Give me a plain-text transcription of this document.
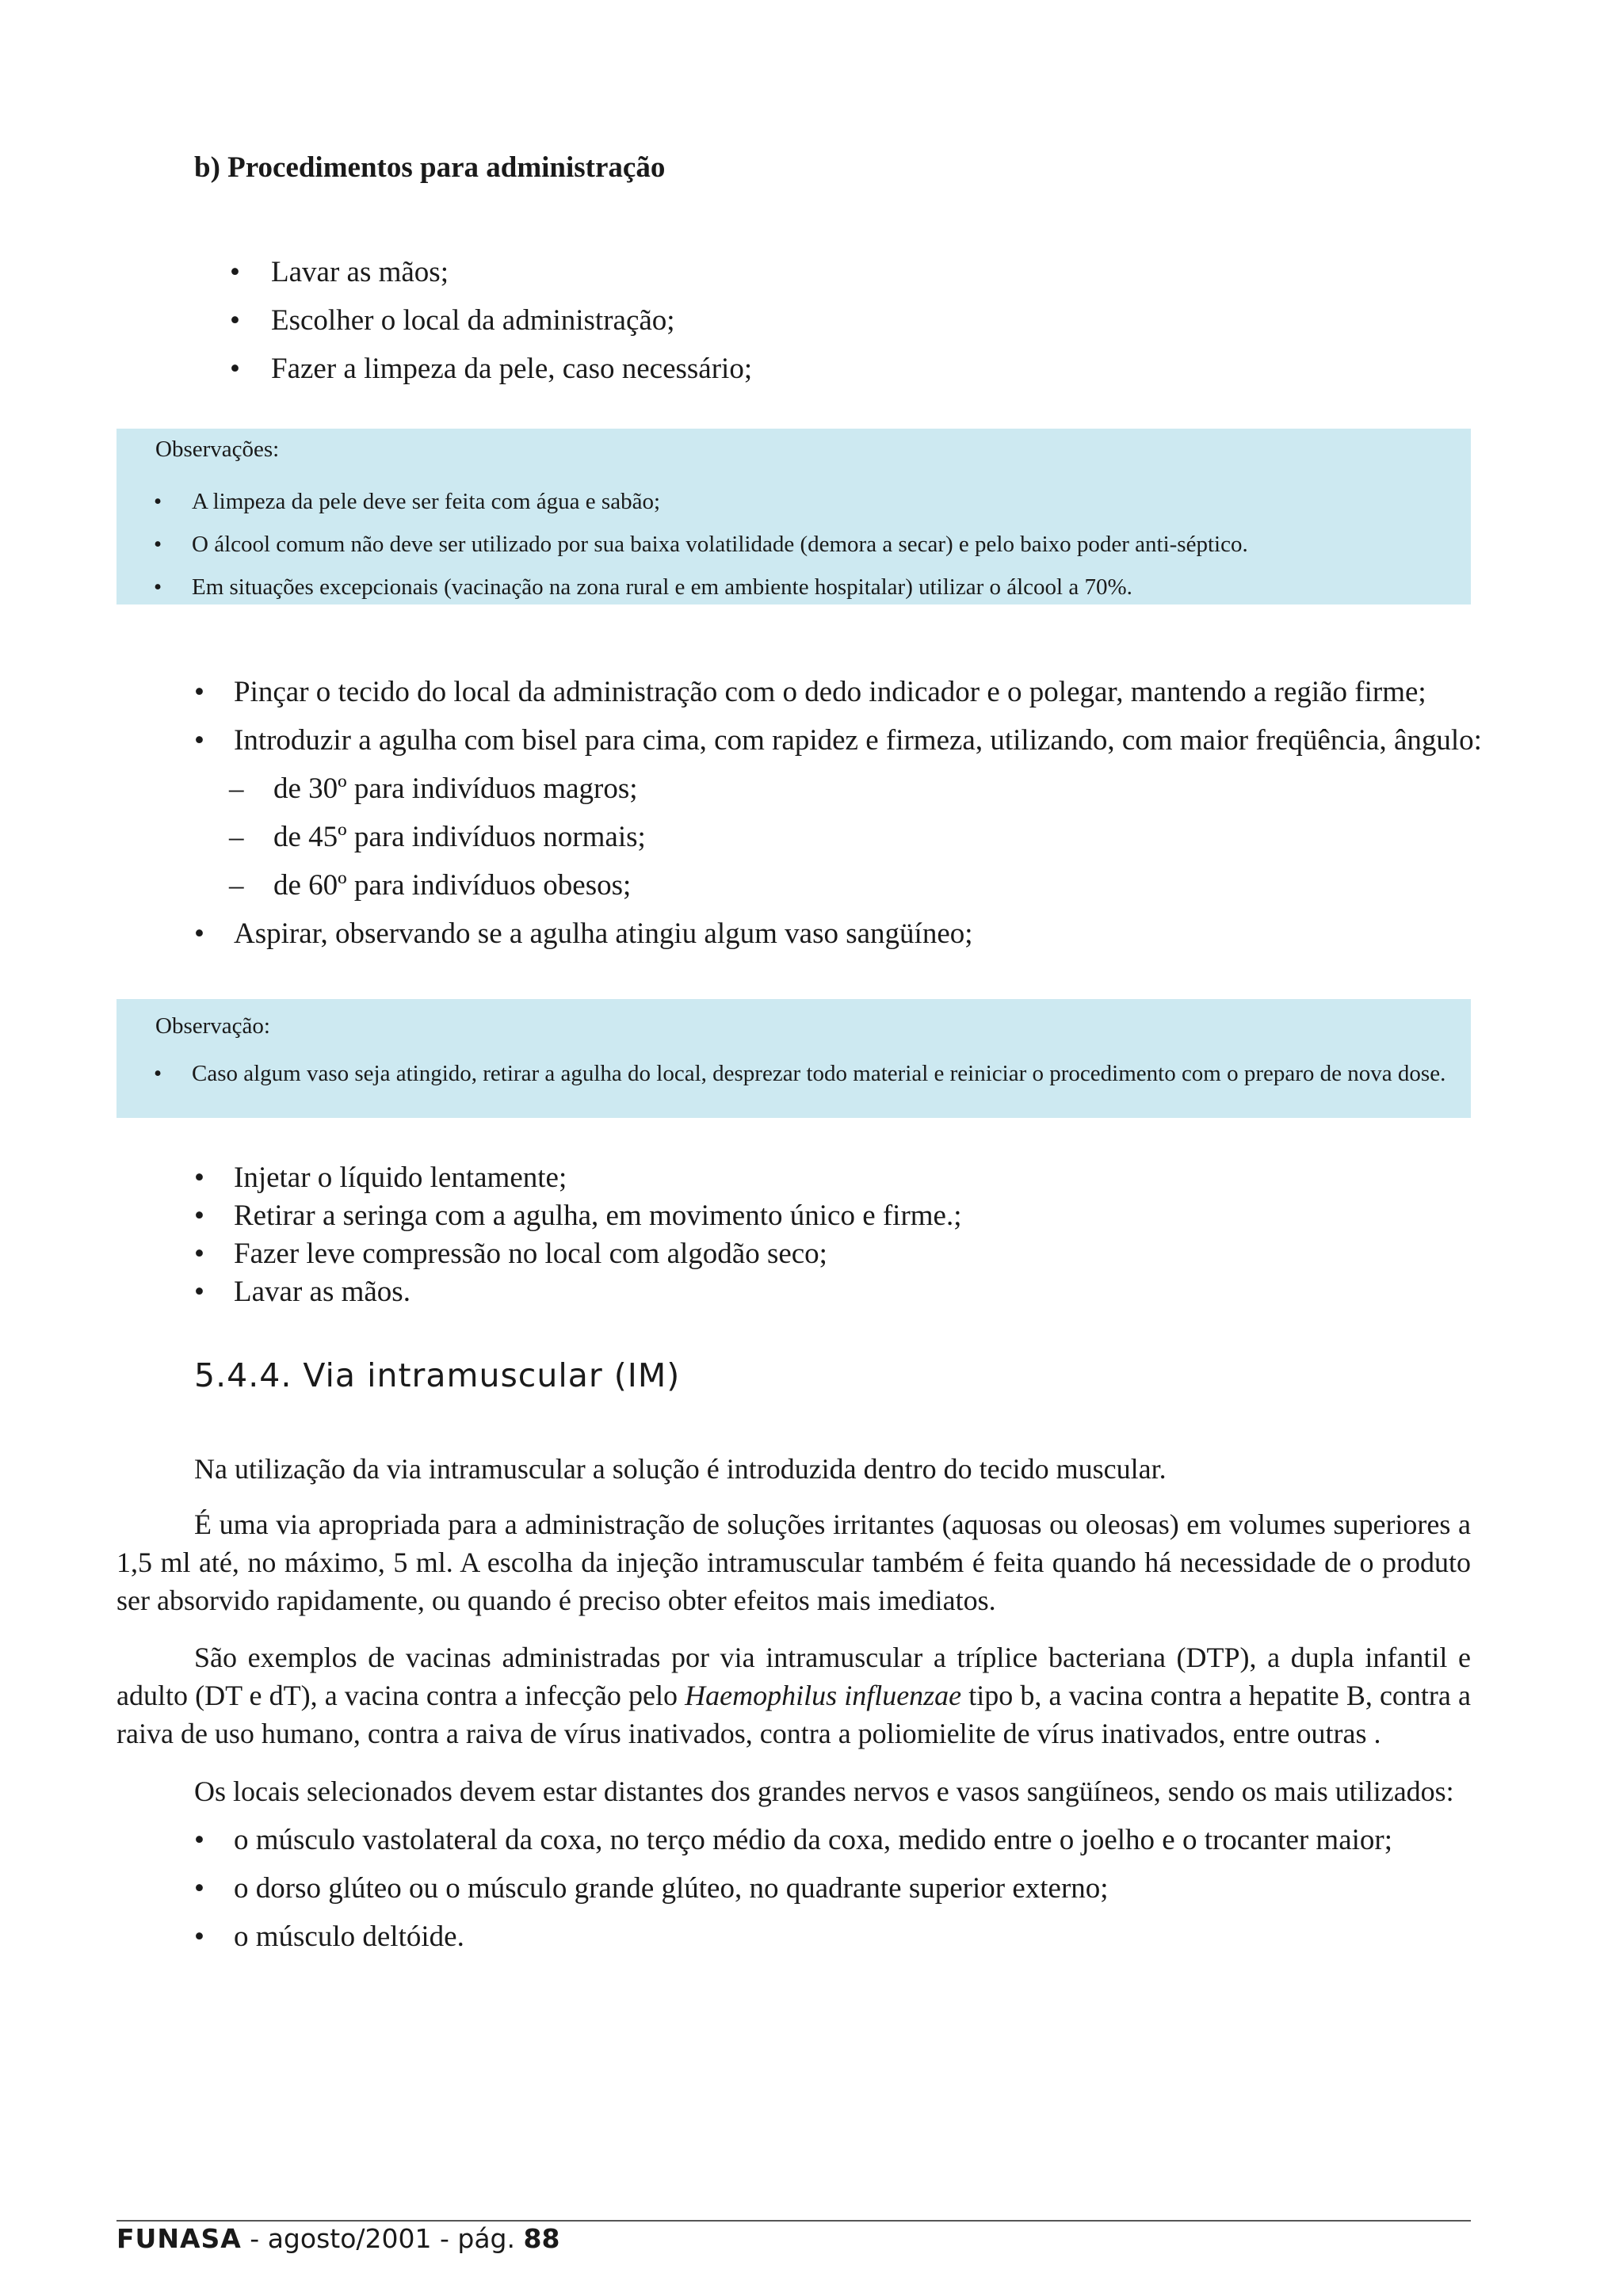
b) Procedimentos para administração
• Lavar as mãos;
• Escolher o local da administração;
• Fazer a limpeza da pele, caso necessário;
Observações:
• A limpeza da pele deve ser feita com água e sabão;
• O álcool comum não deve ser utilizado por sua baixa volatilidade (demora a secar) e pelo baixo poder anti-séptico.
• Em situações excepcionais (vacinação na zona rural e em ambiente hospitalar) utilizar o álcool a 70%.
• Pinçar o tecido do local da administração com o dedo indicador e o polegar, mantendo a região firme;
• Introduzir a agulha com bisel para cima, com rapidez e firmeza, utilizando, com maior freqüência, ângulo:
– de 30º para indivíduos magros;
– de 45º para indivíduos normais;
– de 60º para indivíduos obesos;
• Aspirar, observando se a agulha atingiu algum vaso sangüíneo;
Observação:
• Caso algum vaso seja atingido, retirar a agulha do local, desprezar todo material e reiniciar o procedimento com o preparo de nova dose.
• Injetar o líquido lentamente;
• Retirar a seringa com a agulha, em movimento único e firme.;
• Fazer leve compressão no local com algodão seco;
• Lavar as mãos.
5.4.4. Via intramuscular (IM)

Na utilização da via intramuscular a solução é introduzida dentro do tecido muscular.

É uma via apropriada para a administração de soluções irritantes (aquosas ou oleosas) em volumes superiores a 1,5 ml até, no máximo, 5 ml. A escolha da injeção intramuscular também é feita quando há necessidade de o produto ser absorvido rapidamente, ou quando é preciso obter efeitos mais imediatos.

São exemplos de vacinas administradas por via intramuscular a tríplice bacteriana (DTP), a dupla infantil e adulto (DT e dT), a vacina contra a infecção pelo Haemophilus influenzae tipo b, a vacina contra a hepatite B, contra a raiva de uso humano, contra a raiva de vírus inativados, contra a poliomielite de vírus inativados, entre outras .

Os locais selecionados devem estar distantes dos grandes nervos e vasos sangüíneos, sendo os mais utilizados:

• o músculo vastolateral da coxa, no terço médio da coxa, medido entre o joelho e o trocanter maior;
• o dorso glúteo ou o músculo grande glúteo, no quadrante superior externo;
• o músculo deltóide.
FUNASA - agosto/2001 - pág. 88
